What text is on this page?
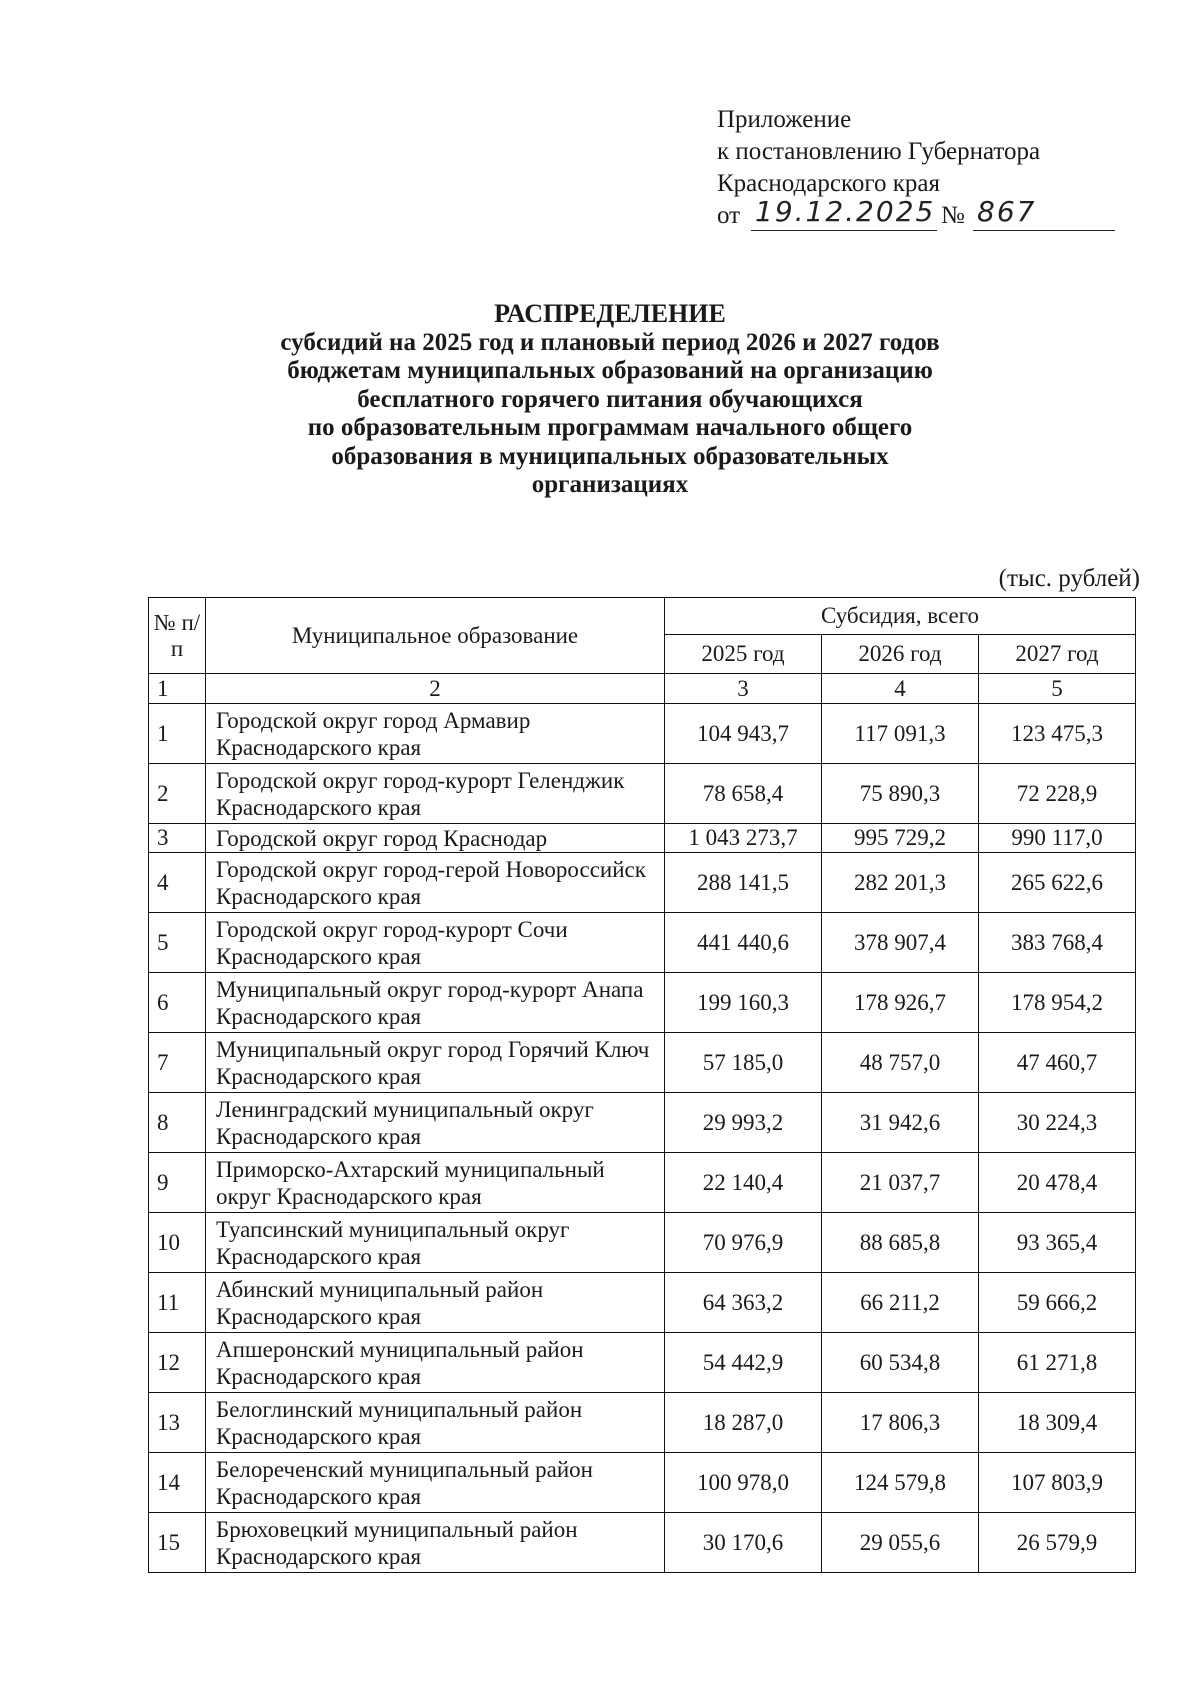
Приложение
к постановлению Губернатора
Краснодарского края
от 19.12.2025 № 867
РАСПРЕДЕЛЕНИЕ
субсидий на 2025 год и плановый период 2026 и 2027 годов
бюджетам муниципальных образований на организацию
бесплатного горячего питания обучающихся
по образовательным программам начального общего
образования в муниципальных образовательных
организациях
(тыс. рублей)
№ п/п	Муниципальное образование	Субсидия, всего		
		2025 год	2026 год	2027 год
1	2	3	4	5
1	Городской округ город Армавир Краснодарского края	104 943,7	117 091,3	123 475,3
2	Городской округ город-курорт Геленджик Краснодарского края	78 658,4	75 890,3	72 228,9
3	Городской округ город Краснодар	1 043 273,7	995 729,2	990 117,0
4	Городской округ город-герой Новороссийск Краснодарского края	288 141,5	282 201,3	265 622,6
5	Городской округ город-курорт Сочи Краснодарского края	441 440,6	378 907,4	383 768,4
6	Муниципальный округ город-курорт Анапа Краснодарского края	199 160,3	178 926,7	178 954,2
7	Муниципальный округ город Горячий Ключ Краснодарского края	57 185,0	48 757,0	47 460,7
8	Ленинградский муниципальный округ Краснодарского края	29 993,2	31 942,6	30 224,3
9	Приморско-Ахтарский муниципальный округ Краснодарского края	22 140,4	21 037,7	20 478,4
10	Туапсинский муниципальный округ Краснодарского края	70 976,9	88 685,8	93 365,4
11	Абинский муниципальный район Краснодарского края	64 363,2	66 211,2	59 666,2
12	Апшеронский муниципальный район Краснодарского края	54 442,9	60 534,8	61 271,8
13	Белоглинский муниципальный район Краснодарского края	18 287,0	17 806,3	18 309,4
14	Белореченский муниципальный район Краснодарского края	100 978,0	124 579,8	107 803,9
15	Брюховецкий муниципальный район Краснодарского края	30 170,6	29 055,6	26 579,9
